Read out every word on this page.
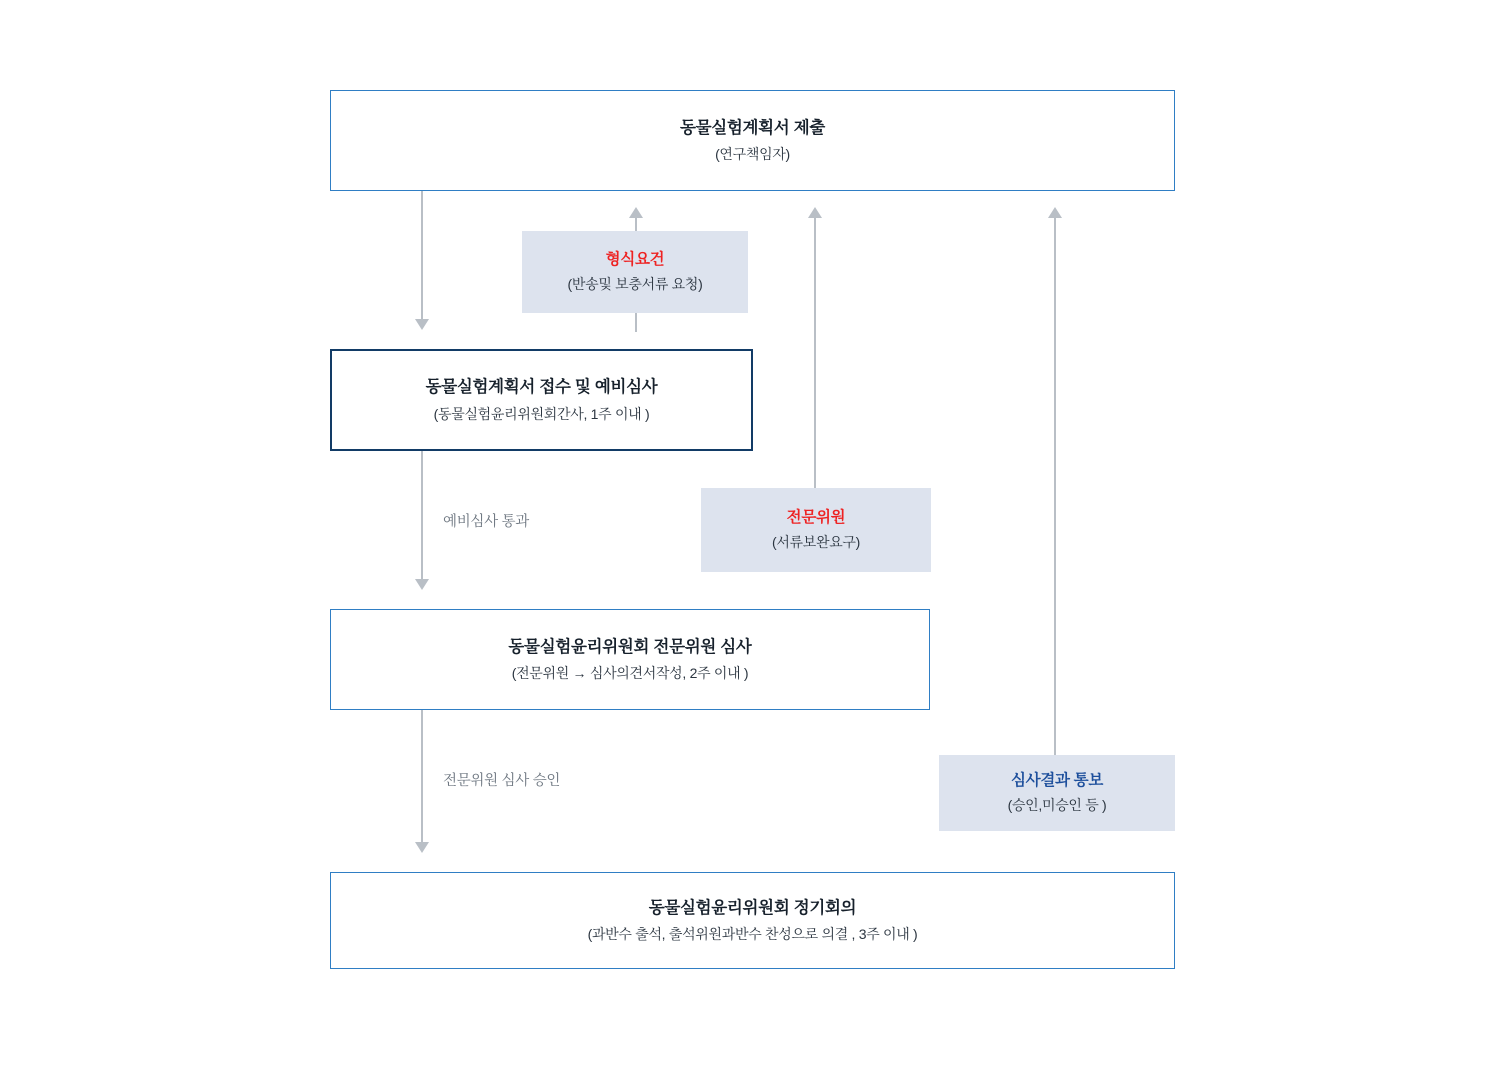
동물실험계획서 제출
(연구책임자)
동물실험계획서 접수 및 예비심사
(동물실험윤리위원회간사, 1주 이내 )
동물실험윤리위원회 전문위원 심사
(전문위원 → 심사의견서작성, 2주 이내 )
동물실험윤리위원회 정기회의
(과반수 출석, 출석위원과반수 찬성으로 의결 , 3주 이내 )
형식요건
(반송및 보충서류 요청)
전문위원
(서류보완요구)
심사결과 통보
(승인,미승인 등 )
예비심사 통과
전문위원 심사 승인
